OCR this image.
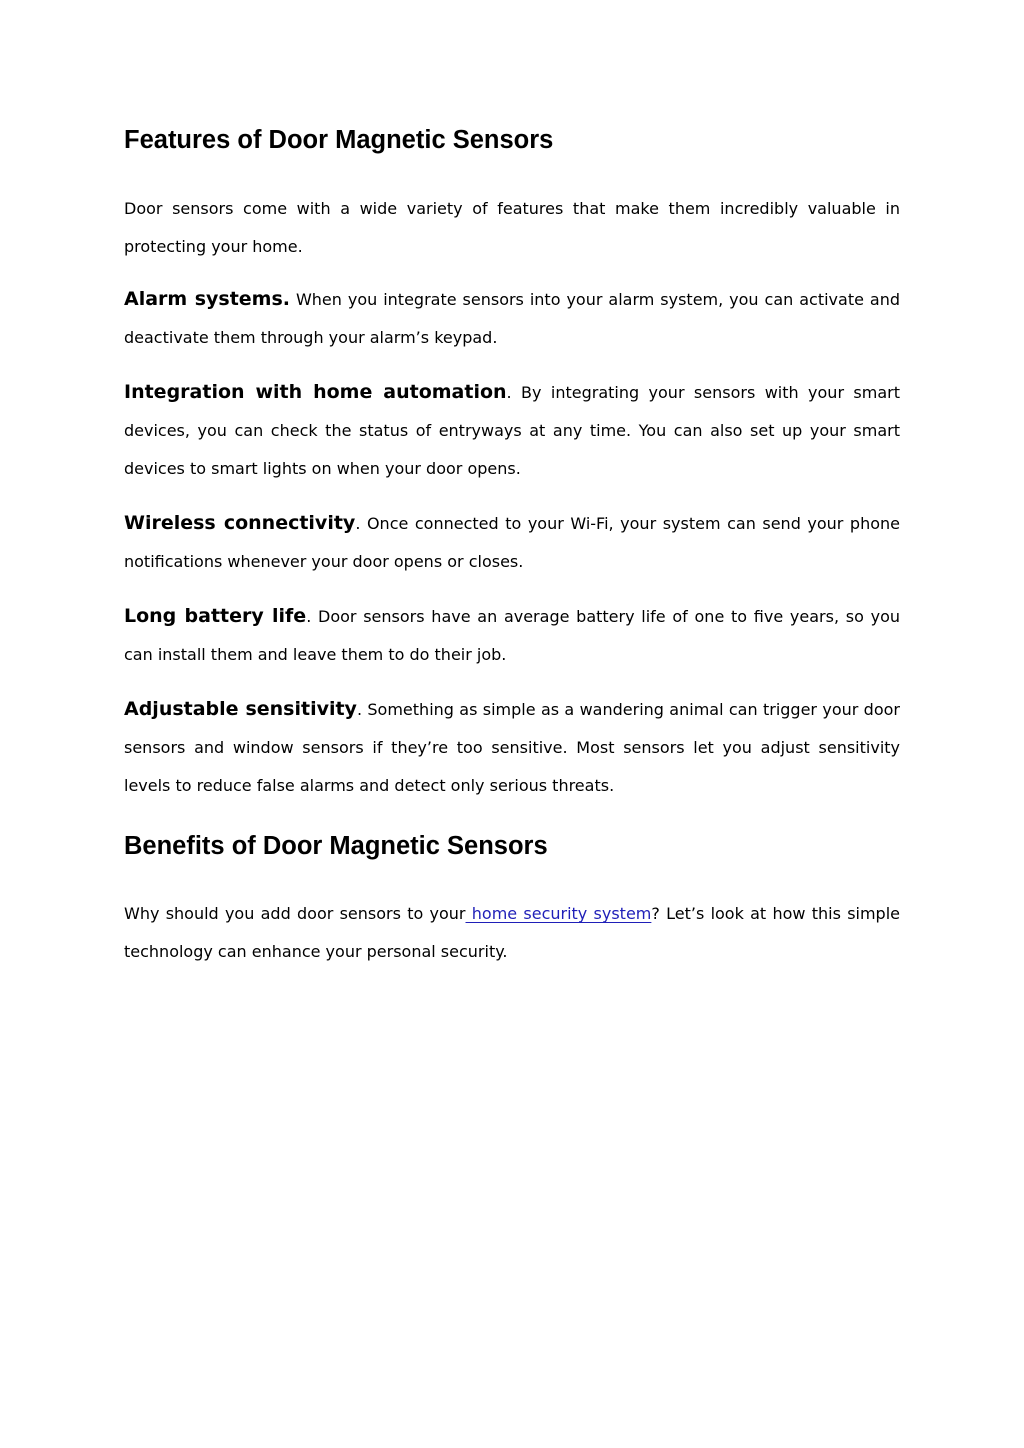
Features of Door Magnetic Sensors

Door sensors come with a wide variety of features that make them incredibly valuable in protecting your home.

Alarm systems. When you integrate sensors into your alarm system, you can activate and deactivate them through your alarm’s keypad.

Integration with home automation. By integrating your sensors with your smart devices, you can check the status of entryways at any time. You can also set up your smart devices to smart lights on when your door opens.

Wireless connectivity. Once connected to your Wi-Fi, your system can send your phone notifications whenever your door opens or closes.

Long battery life. Door sensors have an average battery life of one to five years, so you can install them and leave them to do their job.

Adjustable sensitivity. Something as simple as a wandering animal can trigger your door sensors and window sensors if they’re too sensitive. Most sensors let you adjust sensitivity levels to reduce false alarms and detect only serious threats.

Benefits of Door Magnetic Sensors

Why should you add door sensors to your home security system? Let’s look at how this simple technology can enhance your personal security.
